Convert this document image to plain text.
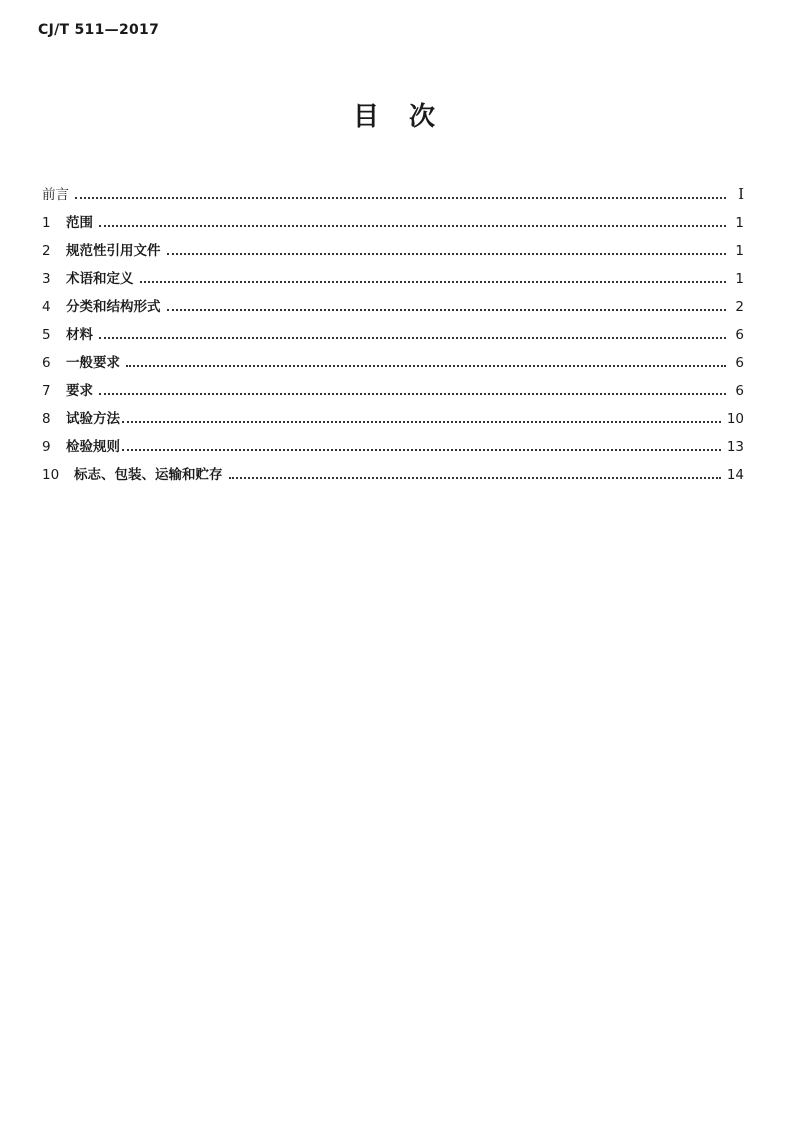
CJ/T 511—2017
目　次
前言	Ⅰ
1	范围	1
2	规范性引用文件	1
3	术语和定义	1
4	分类和结构形式	2
5	材料	6
6	一般要求	6
7	要求	6
8	试验方法	10
9	检验规则	13
10	标志、包装、运输和贮存	14
